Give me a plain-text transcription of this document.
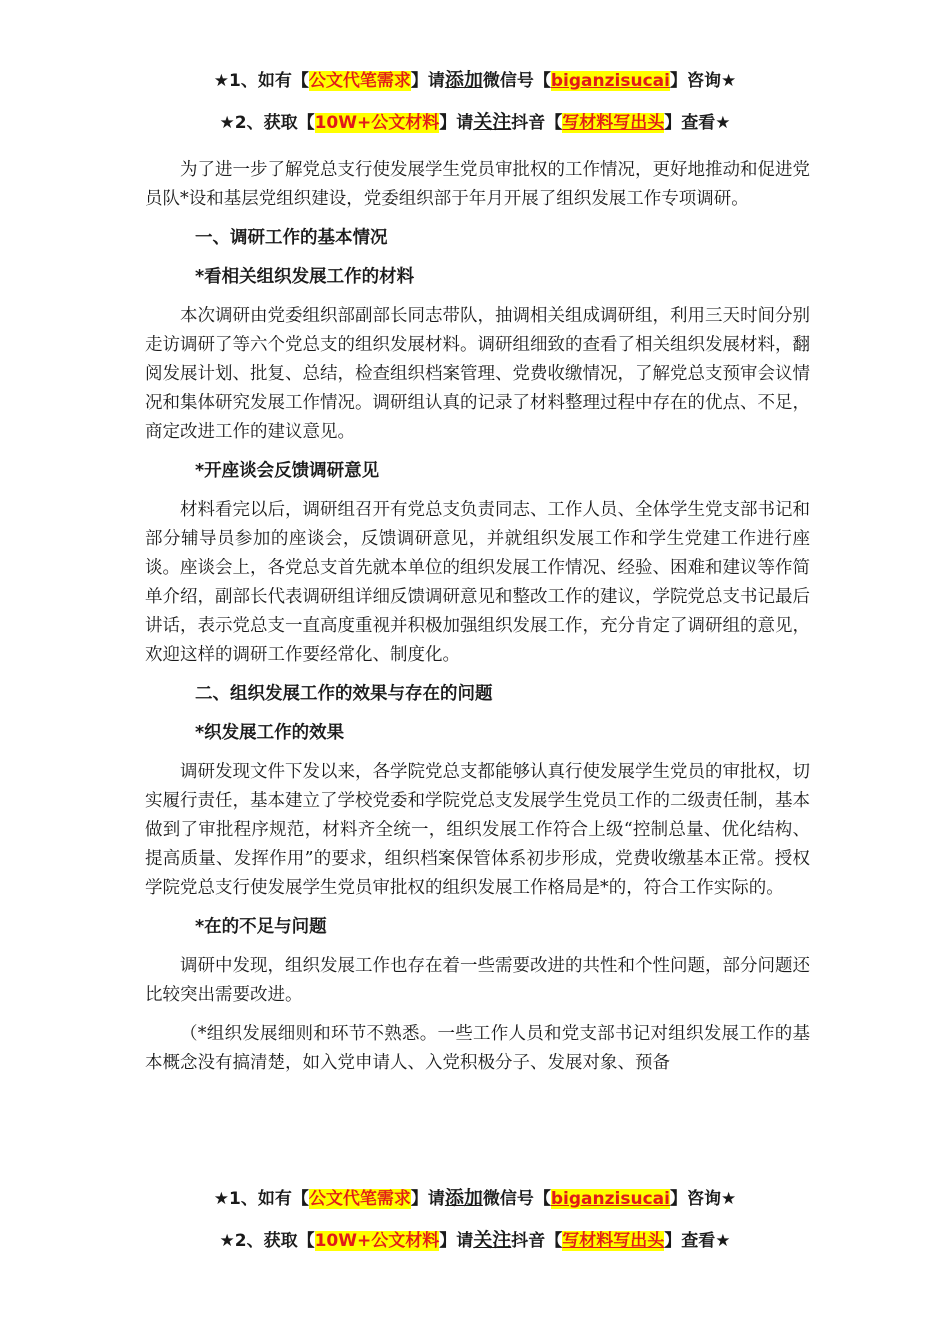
★1、如有【公文代笔需求】请添加微信号【biganzisucai】咨询★
★2、获取【10W+公文材料】请关注抖音【写材料写出头】查看★

为了进一步了解党总支行使发展学生党员审批权的工作情况，更好地推动和促进党员队*设和基层党组织建设，党委组织部于年月开展了组织发展工作专项调研。

一、调研工作的基本情况
*看相关组织发展工作的材料

本次调研由党委组织部副部长同志带队，抽调相关组成调研组，利用三天时间分别走访调研了等六个党总支的组织发展材料。调研组细致的查看了相关组织发展材料，翻阅发展计划、批复、总结，检查组织档案管理、党费收缴情况，了解党总支预审会议情况和集体研究发展工作情况。调研组认真的记录了材料整理过程中存在的优点、不足，商定改进工作的建议意见。

*开座谈会反馈调研意见

材料看完以后，调研组召开有党总支负责同志、工作人员、全体学生党支部书记和部分辅导员参加的座谈会，反馈调研意见，并就组织发展工作和学生党建工作进行座谈。座谈会上，各党总支首先就本单位的组织发展工作情况、经验、困难和建议等作简单介绍，副部长代表调研组详细反馈调研意见和整改工作的建议，学院党总支书记最后讲话，表示党总支一直高度重视并积极加强组织发展工作，充分肯定了调研组的意见，欢迎这样的调研工作要经常化、制度化。

二、组织发展工作的效果与存在的问题
*织发展工作的效果

调研发现文件下发以来，各学院党总支都能够认真行使发展学生党员的审批权，切实履行责任，基本建立了学校党委和学院党总支发展学生党员工作的二级责任制，基本做到了审批程序规范，材料齐全统一，组织发展工作符合上级“控制总量、优化结构、提高质量、发挥作用”的要求，组织档案保管体系初步形成，党费收缴基本正常。授权学院党总支行使发展学生党员审批权的组织发展工作格局是*的，符合工作实际的。

*在的不足与问题

调研中发现，组织发展工作也存在着一些需要改进的共性和个性问题，部分问题还比较突出需要改进。

（*组织发展细则和环节不熟悉。一些工作人员和党支部书记对组织发展工作的基本概念没有搞清楚，如入党申请人、入党积极分子、发展对象、预备

★1、如有【公文代笔需求】请添加微信号【biganzisucai】咨询★
★2、获取【10W+公文材料】请关注抖音【写材料写出头】查看★
